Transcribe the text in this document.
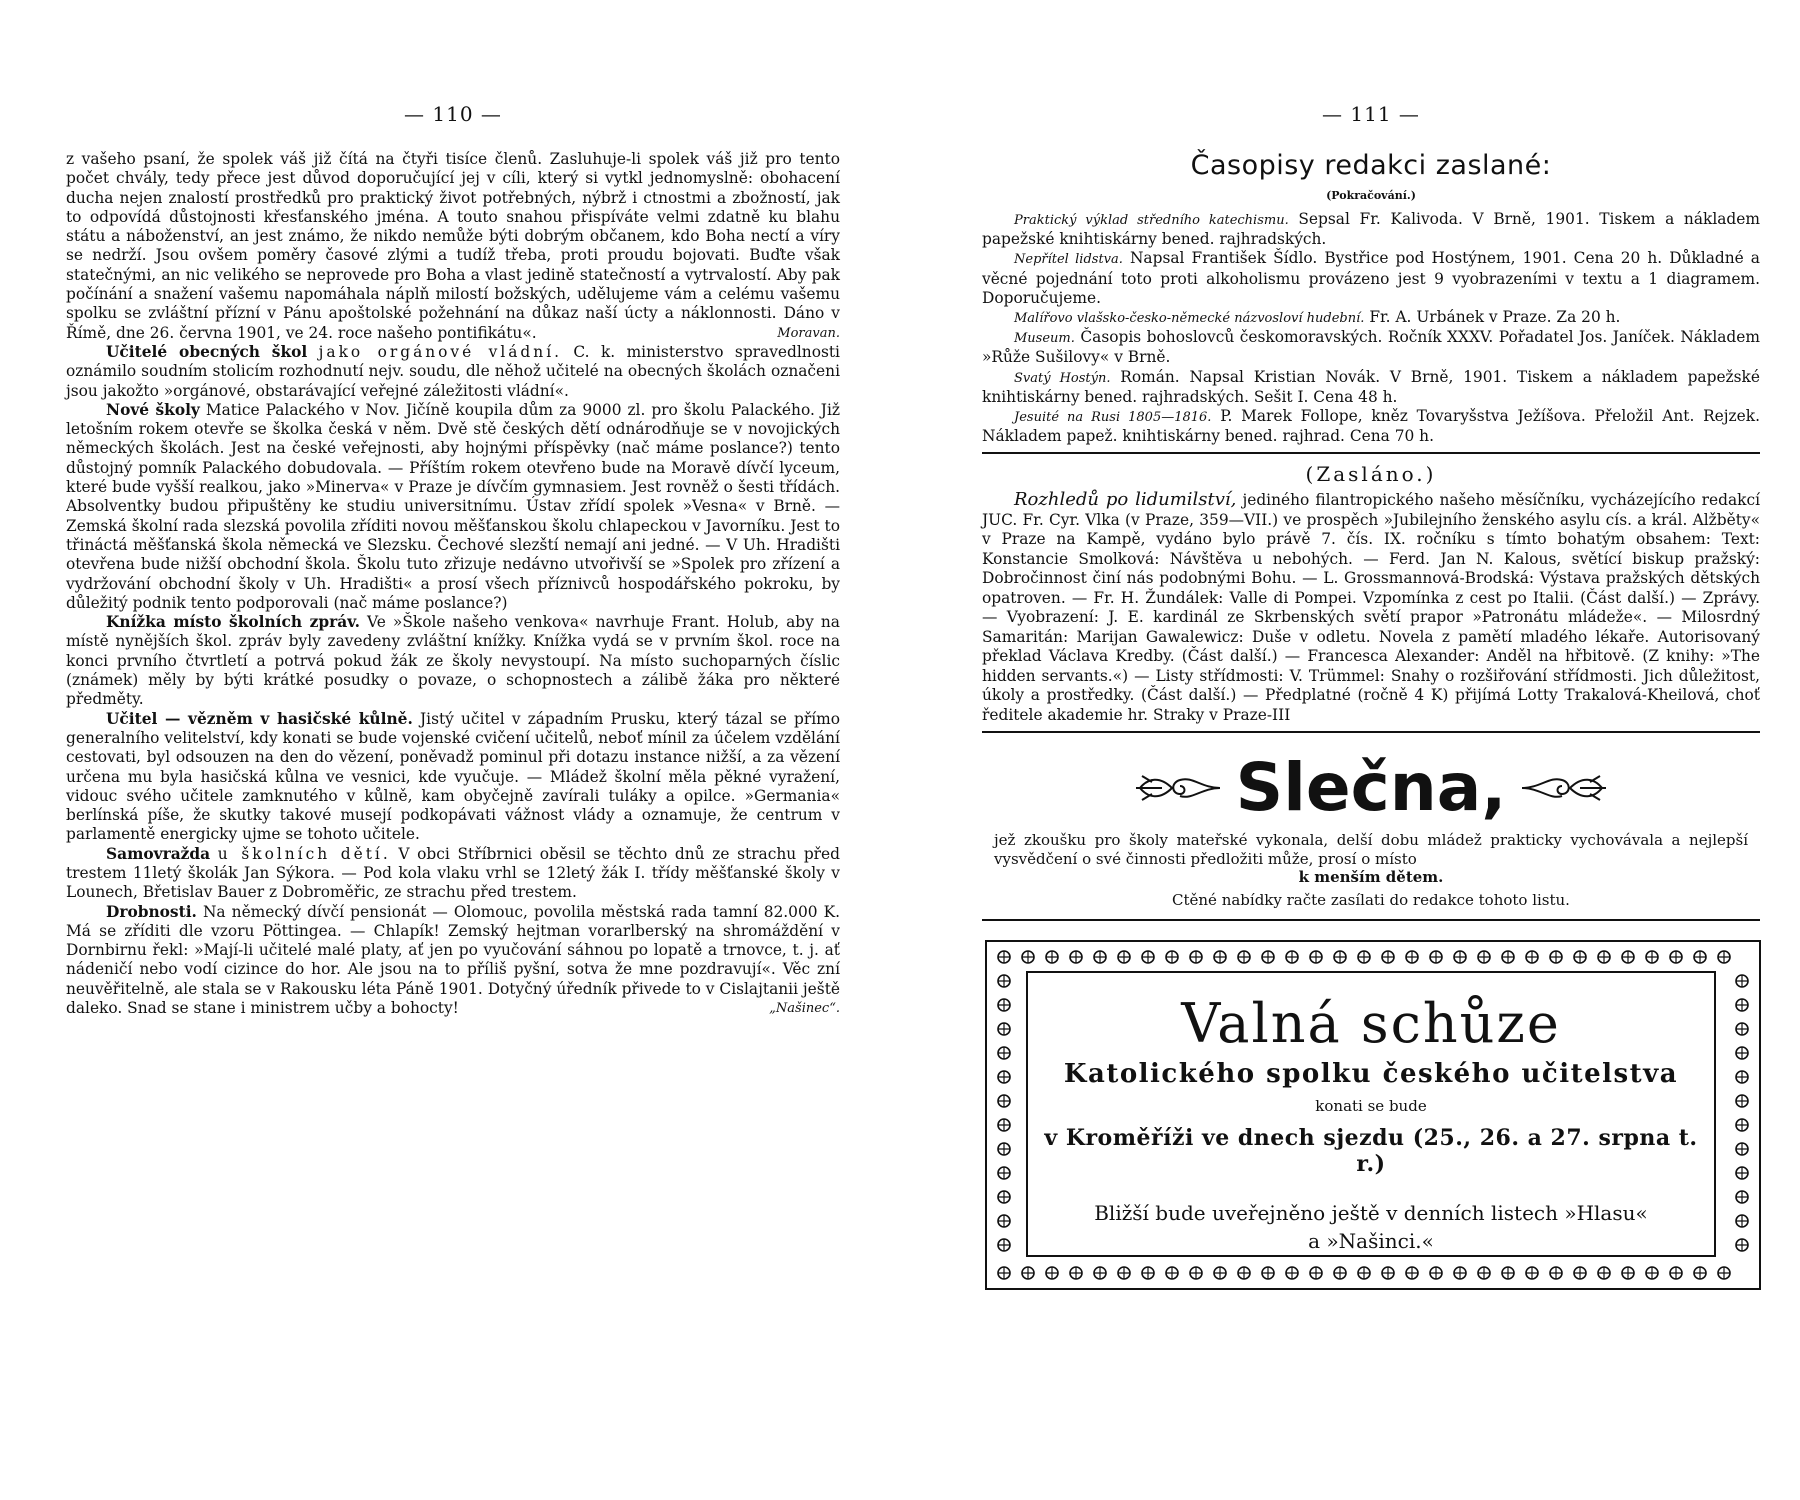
— 110 —

z vašeho psaní, že spolek váš již čítá na čtyři tisíce členů. Zasluhuje-li spolek váš již pro tento počet chvály, tedy přece jest důvod doporučující jej v cíli, který si vytkl jednomyslně: obohacení ducha nejen znalostí prostředků pro praktický život potřebných, nýbrž i ctnostmi a zbožností, jak to odpovídá důstojnosti křesťanského jména. A touto snahou přispíváte velmi zdatně ku blahu státu a náboženství, an jest známo, že nikdo nemůže býti dobrým občanem, kdo Boha nectí a víry se nedrží. Jsou ovšem poměry časové zlými a tudíž třeba, proti proudu bojovati. Buďte však statečnými, an nic velikého se neprovede pro Boha a vlast jedině statečností a vytrvalostí. Aby pak počínání a snažení vašemu napomáhala náplň milostí božských, udělujeme vám a celému vašemu spolku se zvláštní přízní v Pánu apoštolské požehnání na důkaz naší úcty a náklonnosti. Dáno v Římě, dne 26. června 1901, ve 24. roce našeho pontifikátu«.	Moravan.

Učitelé obecných škol jako orgánové vládní. C. k. ministerstvo spravedlnosti oznámilo soudním stolicím rozhodnutí nejv. soudu, dle něhož učitelé na obecných školách označeni jsou jakožto »orgánové, obstarávající veřejné záležitosti vládní«.

Nové školy Matice Palackého v Nov. Jičíně koupila dům za 9000 zl. pro školu Palackého. Již letošním rokem otevře se školka česká v něm. Dvě stě českých dětí odnárodňuje se v novojických německých školách. Jest na české veřejnosti, aby hojnými příspěvky (nač máme poslance?) tento důstojný pomník Palackého dobudovala. — Příštím rokem otevřeno bude na Moravě dívčí lyceum, které bude vyšší realkou, jako »Minerva« v Praze je dívčím gymnasiem. Jest rovněž o šesti třídách. Absolventky budou připuštěny ke studiu universitnímu. Ústav zřídí spolek »Vesna« v Brně. — Zemská školní rada slezská povolila zříditi novou měšťanskou školu chlapeckou v Javorníku. Jest to třináctá měšťanská škola německá ve Slezsku. Čechové slezští nemají ani jedné. — V Uh. Hradišti otevřena bude nižší obchodní škola. Školu tuto zřizuje nedávno utvořivší se »Spolek pro zřízení a vydržování obchodní školy v Uh. Hradišti« a prosí všech příznivců hospodářského pokroku, by důležitý podnik tento podporovali (nač máme poslance?)

Knížka místo školních zpráv. Ve »Škole našeho venkova« navrhuje Frant. Holub, aby na místě nynějších škol. zpráv byly zavedeny zvláštní knížky. Knížka vydá se v prvním škol. roce na konci prvního čtvrtletí a potrvá pokud žák ze školy nevystoupí. Na místo suchoparných číslic (známek) měly by býti krátké posudky o povaze, o schopnostech a zálibě žáka pro některé předměty.

Učitel — vězněm v hasičské kůlně. Jistý učitel v západním Prusku, který tázal se přímo generalního velitelství, kdy konati se bude vojenské cvičení učitelů, neboť mínil za účelem vzdělání cestovati, byl odsouzen na den do vězení, poněvadž pominul při dotazu instance nižší, a za vězení určena mu byla hasičská kůlna ve vesnici, kde vyučuje. — Mládež školní měla pěkné vyražení, vidouc svého učitele zamknutého v kůlně, kam obyčejně zavírali tuláky a opilce. »Germania« berlínská píše, že skutky takové musejí podkopávati vážnost vlády a oznamuje, že centrum v parlamentě energicky ujme se tohoto učitele.

Samovražda u školních dětí. V obci Stříbrnici oběsil se těchto dnů ze strachu před trestem 11letý školák Jan Sýkora. — Pod kola vlaku vrhl se 12letý žák I. třídy měšťanské školy v Lounech, Břetislav Bauer z Dobroměřic, ze strachu před trestem.

Drobnosti. Na německý dívčí pensionát — Olomouc, povolila městská rada tamní 82.000 K. Má se zříditi dle vzoru Pöttingea. — Chlapík! Zemský hejtman vorarlberský na shromáždění v Dornbirnu řekl: »Mají-li učitelé malé platy, ať jen po vyučování sáhnou po lopatě a trnovce, t. j. ať nádeničí nebo vodí cizince do hor. Ale jsou na to příliš pyšní, sotva že mne pozdravují«. Věc zní neuvěřitelně, ale stala se v Rakousku léta Páně 1901. Dotyčný úředník přivede to v Cislajtanii ještě daleko. Snad se stane i ministrem učby a bohocty!	„Našinec“.

— 111 —
Časopisy redakci zaslané:
(Pokračování.)

Praktický výklad středního katechismu. Sepsal Fr. Kalivoda. V Brně, 1901. Tiskem a nákladem papežské knihtiskárny bened. rajhradských.

Nepřítel lidstva. Napsal František Šídlo. Bystřice pod Hostýnem, 1901. Cena 20 h. Důkladné a věcné pojednání toto proti alkoholismu provázeno jest 9 vyobrazeními v textu a 1 diagramem. Doporučujeme.

Malířovo vlašsko-česko-německé názvosloví hudební. Fr. A. Urbánek v Praze. Za 20 h.

Museum. Časopis bohoslovců českomoravských. Ročník XXXV. Pořadatel Jos. Janíček. Nákladem »Růže Sušilovy« v Brně.

Svatý Hostýn. Román. Napsal Kristian Novák. V Brně, 1901. Tiskem a nákladem papežské knihtiskárny bened. rajhradských. Sešit I. Cena 48 h.

Jesuité na Rusi 1805—1816. P. Marek Follope, kněz Tovaryšstva Ježíšova. Přeložil Ant. Rejzek. Nákladem papež. knihtiskárny bened. rajhrad. Cena 70 h.

(Zasláno.)

Rozhledů po lidumilství, jediného filantropického našeho měsíčníku, vycházejícího redakcí JUC. Fr. Cyr. Vlka (v Praze, 359—VII.) ve prospěch »Jubilejního ženského asylu cís. a král. Alžběty« v Praze na Kampě, vydáno bylo právě 7. čís. IX. ročníku s tímto bohatým obsahem: Text: Konstancie Smolková: Návštěva u nebohých. — Ferd. Jan N. Kalous, světící biskup pražský: Dobročinnost činí nás podobnými Bohu. — L. Grossmannová-Brodská: Výstava pražských dětských opatroven. — Fr. H. Žundálek: Valle di Pompei. Vzpomínka z cest po Italii. (Část další.) — Zprávy. — Vyobrazení: J. E. kardinál ze Skrbenských světí prapor »Patronátu mládeže«. — Milosrdný Samaritán: Marijan Gawalewicz: Duše v odletu. Novela z pamětí mladého lékaře. Autorisovaný překlad Václava Kredby. (Část další.) — Francesca Alexander: Anděl na hřbitově. (Z knihy: »The hidden servants.«) — Listy střídmosti: V. Trümmel: Snahy o rozšiřování střídmosti. Jich důležitost, úkoly a prostředky. (Část další.) — Předplatné (ročně 4 K) přijímá Lotty Trakalová-Kheilová, choť ředitele akademie hr. Straky v Praze-III

Slečna,

jež zkoušku pro školy mateřské vykonala, delší dobu mládež prakticky vychovávala a nejlepší vysvědčení o své činnosti předložiti může, prosí o místo
k menším dětem.

Ctěné nabídky račte zasílati do redakce tohoto listu.
Valná schůze
Katolického spolku českého učitelstva
konati se bude
v Kroměříži ve dnech sjezdu (25., 26. a 27. srpna t. r.)
Bližší bude uveřejněno ještě v denních listech »Hlasu«
a »Našinci.«
